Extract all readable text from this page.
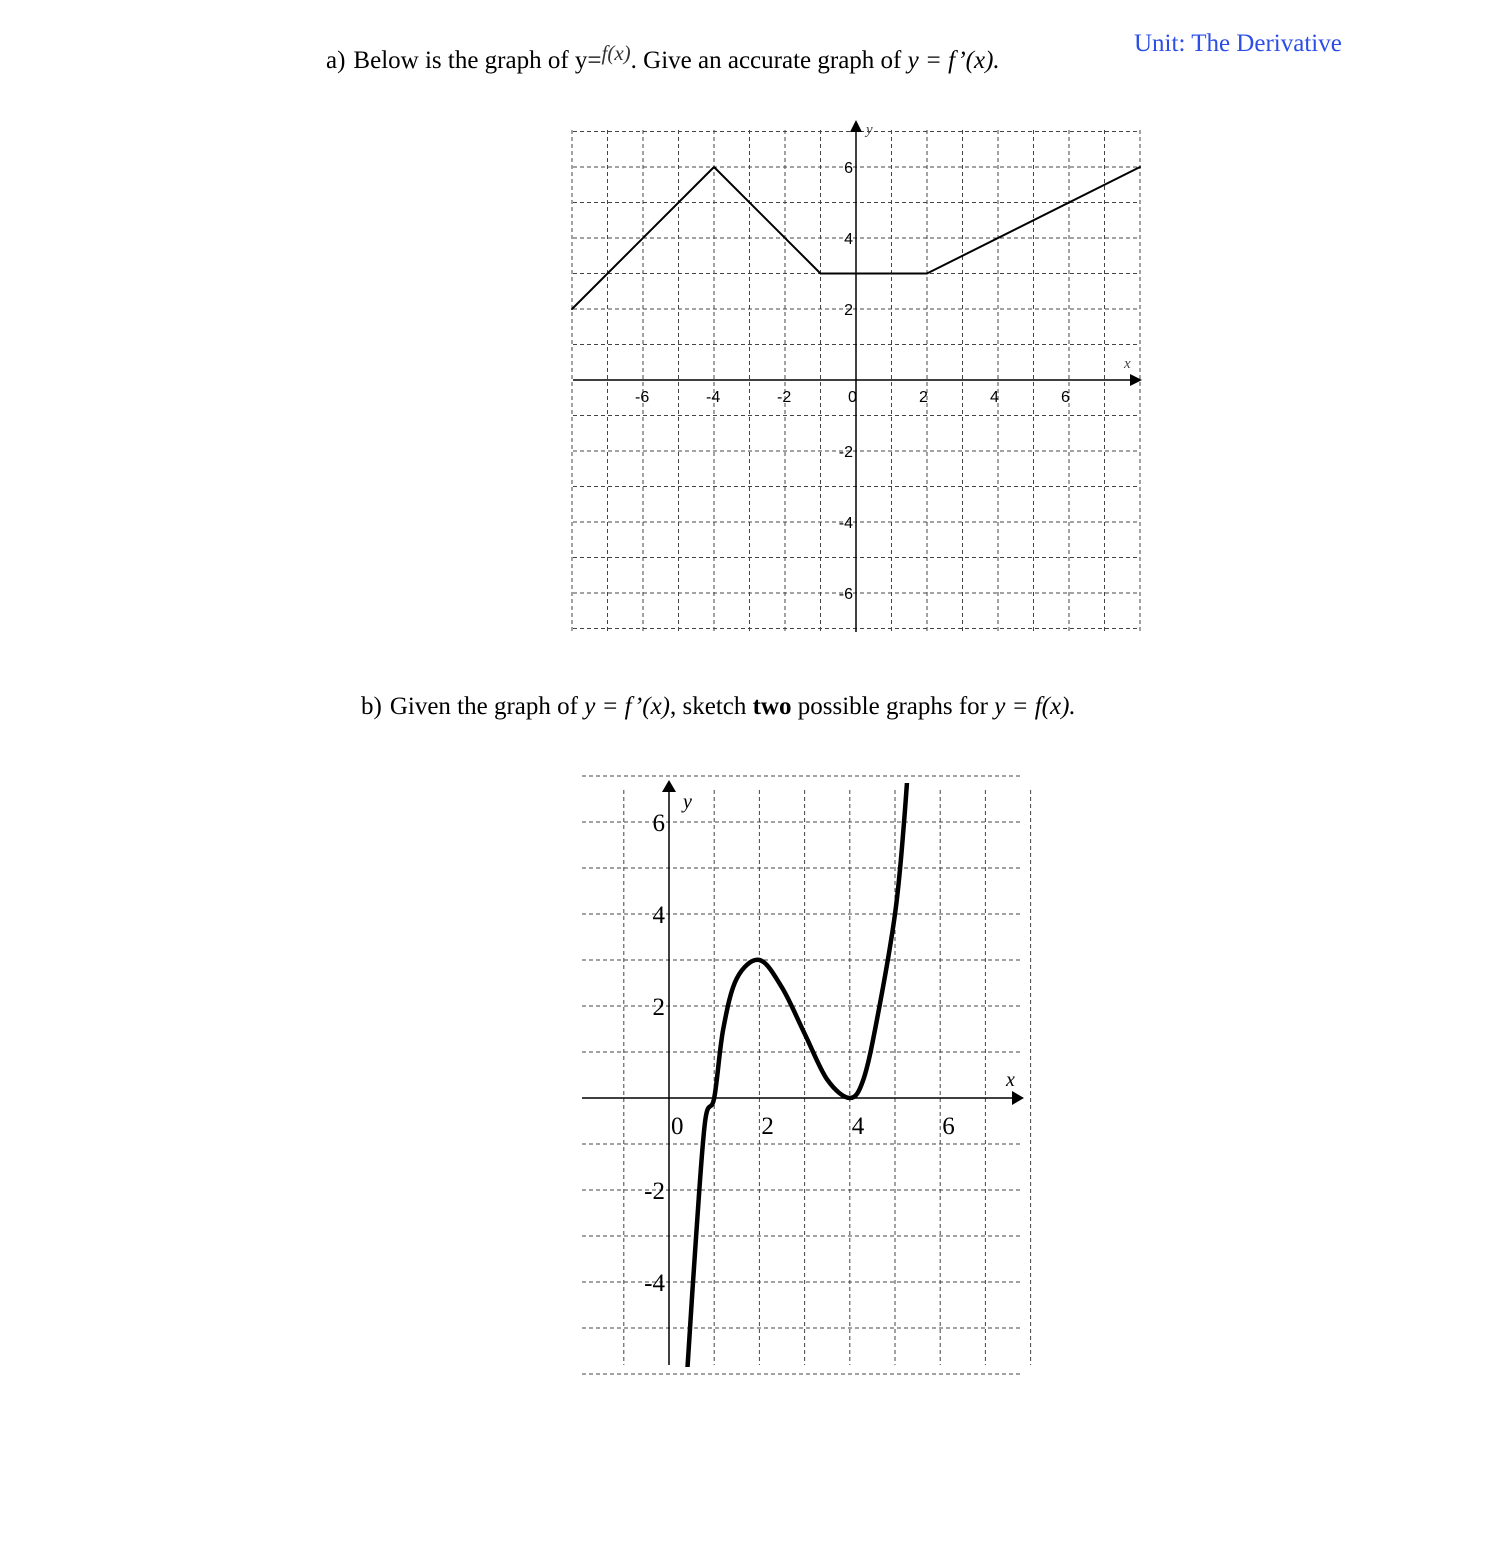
Unit: The Derivative
a) Below is the graph of y=$^{f(x)}$. Give an accurate graph of y = f’(x).
b) Given the graph of y = f’(x), sketch two possible graphs for y = f(x).
x
y
-6	-4	-2	0	2	4	6
6
4
2
-2
-4
-6
x
y
0	2	4	6
6
4
2
-2
-4
